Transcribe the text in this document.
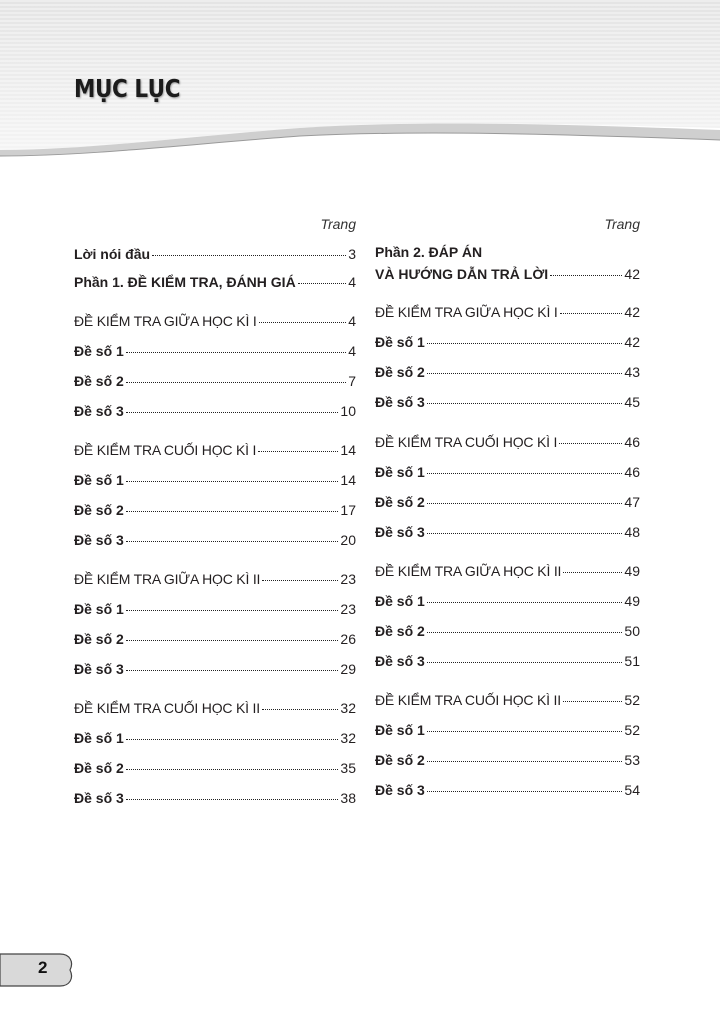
MỤC LỤC
Trang
Lời nói đầu	3
Phần 1. ĐỀ KIỂM TRA, ĐÁNH GIÁ	4
ĐỀ KIỂM TRA GIỮA HỌC KÌ I	4
Đề số 1	4
Đề số 2	7
Đề số 3	10
ĐỀ KIỂM TRA CUỐI HỌC KÌ I	14
Đề số 1	14
Đề số 2	17
Đề số 3	20
ĐỀ KIỂM TRA GIỮA HỌC KÌ II	23
Đề số 1	23
Đề số 2	26
Đề số 3	29
ĐỀ KIỂM TRA CUỐI HỌC KÌ II	32
Đề số 1	32
Đề số 2	35
Đề số 3	38
Trang
Phần 2. ĐÁP ÁN
VÀ HƯỚNG DẪN TRẢ LỜI	42
ĐỀ KIỂM TRA GIỮA HỌC KÌ I	42
Đề số 1	42
Đề số 2	43
Đề số 3	45
ĐỀ KIỂM TRA CUỐI HỌC KÌ I	46
Đề số 1	46
Đề số 2	47
Đề số 3	48
ĐỀ KIỂM TRA GIỮA HỌC KÌ II	49
Đề số 1	49
Đề số 2	50
Đề số 3	51
ĐỀ KIỂM TRA CUỐI HỌC KÌ II	52
Đề số 1	52
Đề số 2	53
Đề số 3	54
2
